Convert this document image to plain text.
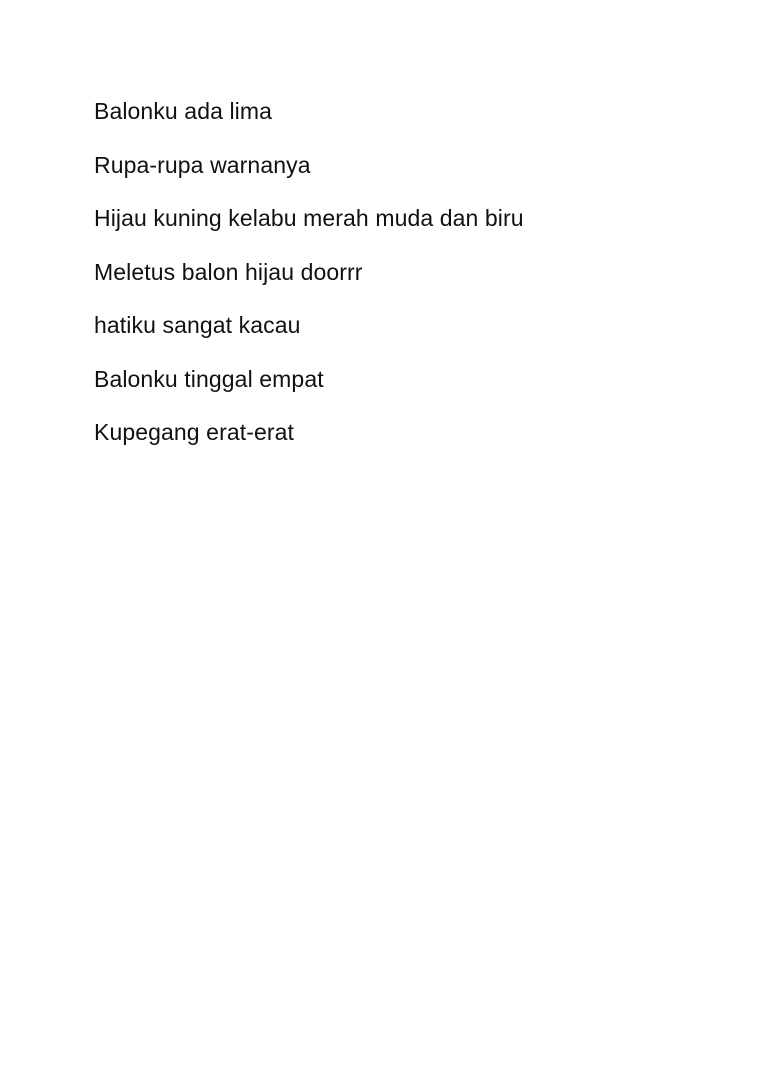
Balonku ada lima
Rupa-rupa warnanya
Hijau kuning kelabu merah muda dan biru
Meletus balon hijau doorrr
hatiku sangat kacau
Balonku tinggal empat
Kupegang erat-erat
